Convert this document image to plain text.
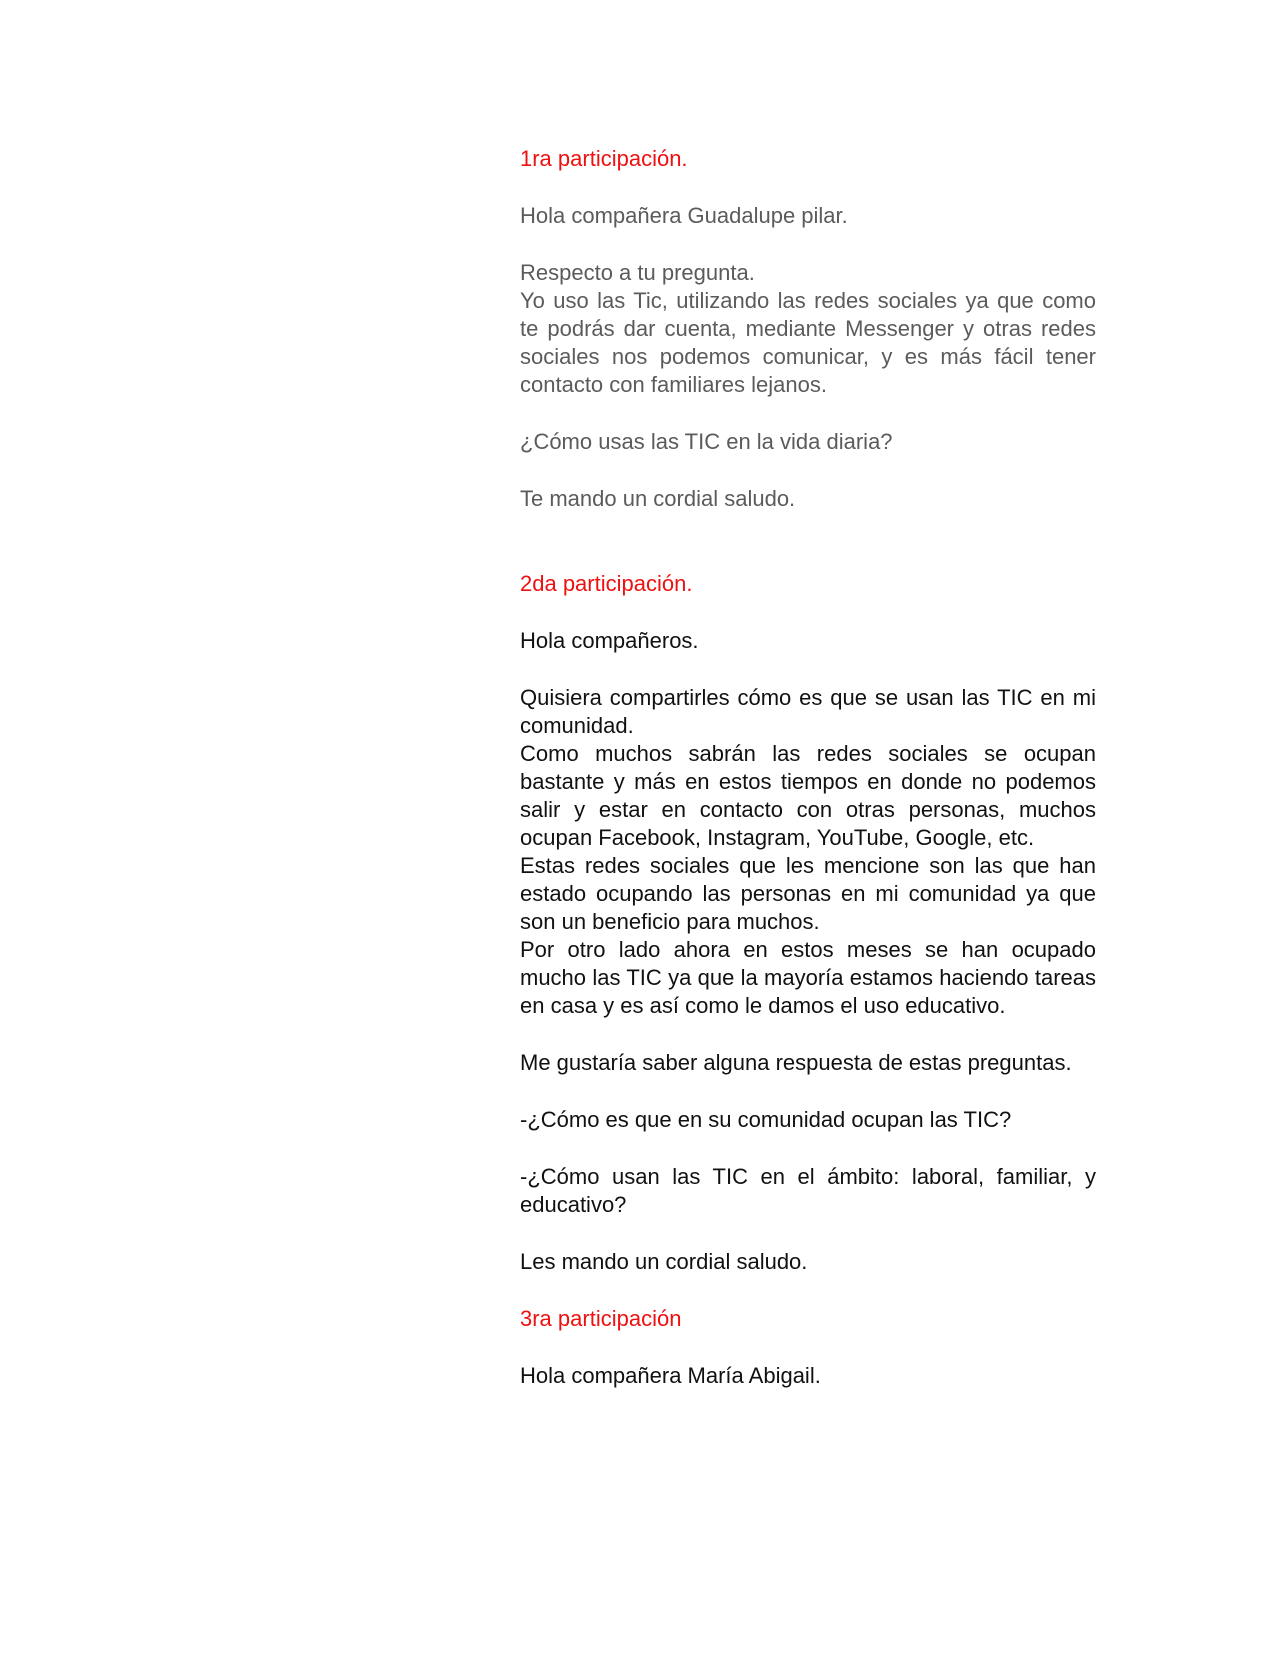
1ra participación.

Hola compañera Guadalupe pilar.

Respecto a tu pregunta.

Yo uso las Tic, utilizando las redes sociales ya que como te podrás dar cuenta, mediante Messenger y otras redes sociales nos podemos comunicar, y es más fácil tener contacto con familiares lejanos.

¿Cómo usas las TIC en la vida diaria?

Te mando un cordial saludo.

2da participación.

Hola compañeros.

Quisiera compartirles cómo es que se usan las TIC en mi comunidad.

Como muchos sabrán las redes sociales se ocupan bastante y más en estos tiempos en donde no podemos salir y estar en contacto con otras personas, muchos ocupan Facebook, Instagram, YouTube, Google, etc.

Estas redes sociales que les mencione son las que han estado ocupando las personas en mi comunidad ya que son un beneficio para muchos.

Por otro lado ahora en estos meses se han ocupado mucho las TIC ya que la mayoría estamos haciendo tareas en casa y es así como le damos el uso educativo.

Me gustaría saber alguna respuesta de estas preguntas.

-¿Cómo es que en su comunidad ocupan las TIC?

-¿Cómo usan las TIC en el ámbito: laboral, familiar, y educativo?

Les mando un cordial saludo.

3ra participación

Hola compañera María Abigail.
